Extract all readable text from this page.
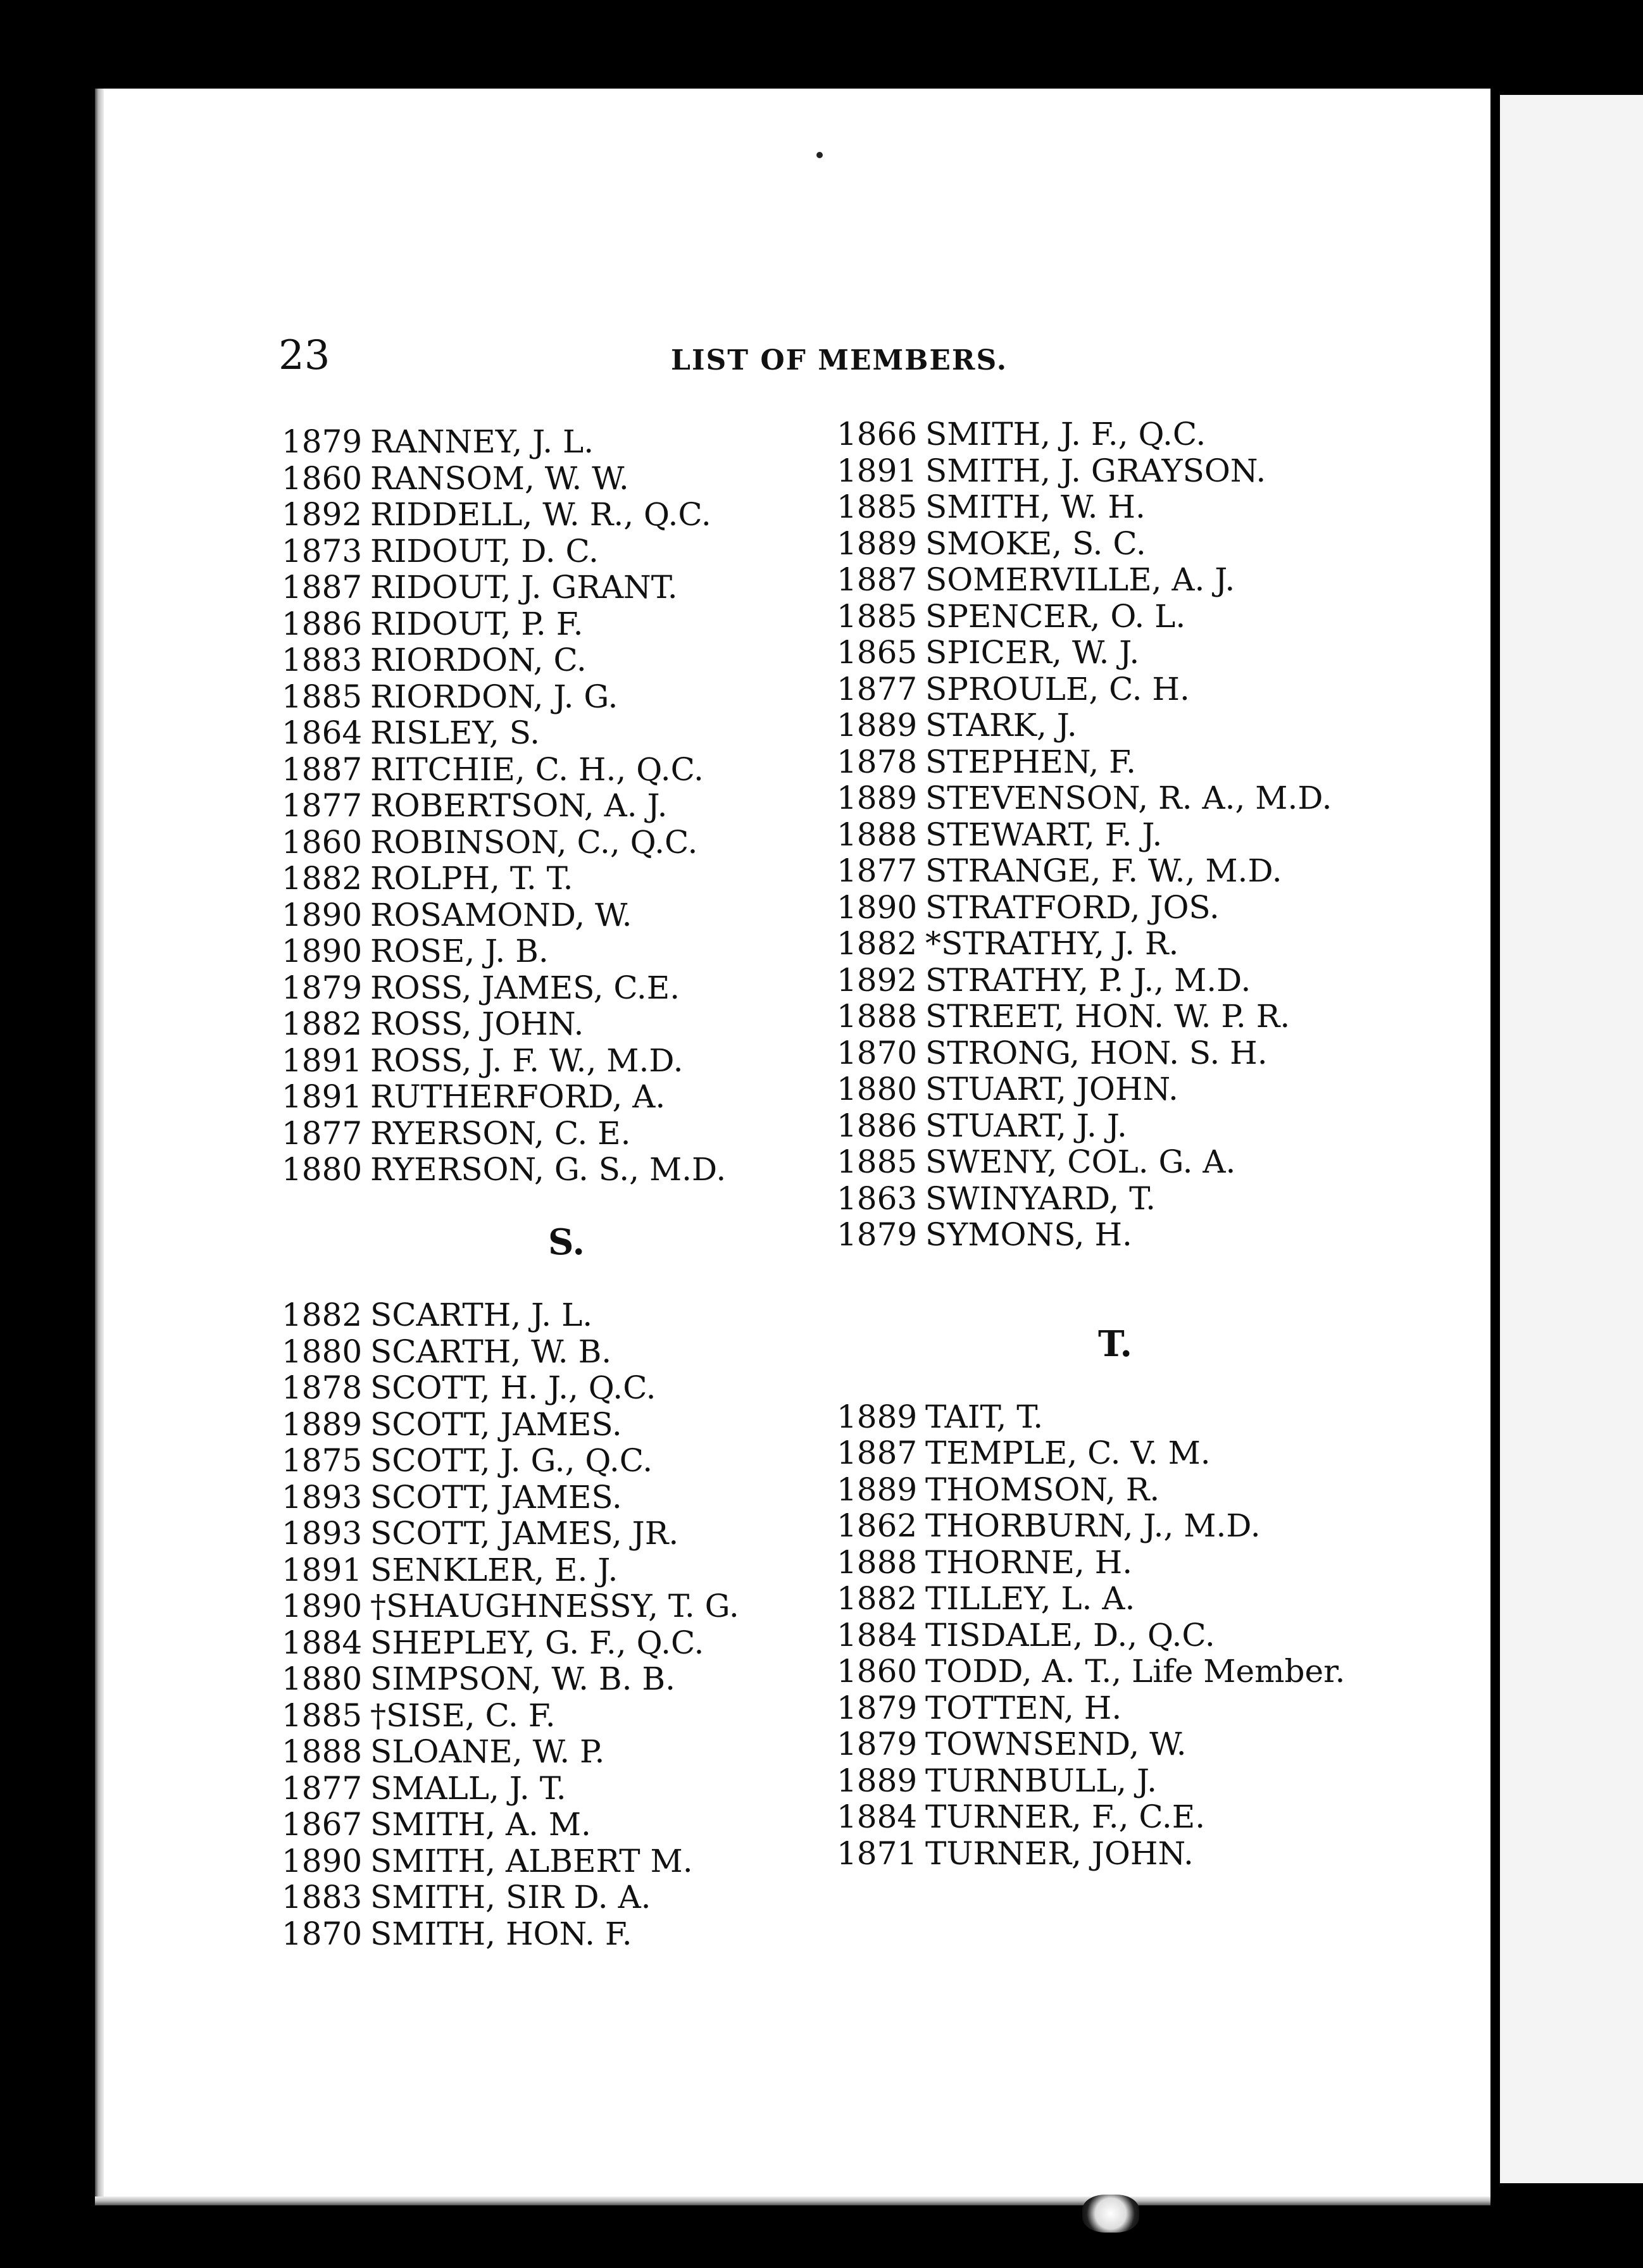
23	LIST OF MEMBERS.
1879 RANNEY, J. L.
1860 RANSOM, W. W.
1892 RIDDELL, W. R., Q.C.
1873 RIDOUT, D. C.
1887 RIDOUT, J. GRANT.
1886 RIDOUT, P. F.
1883 RIORDON, C.
1885 RIORDON, J. G.
1864 RISLEY, S.
1887 RITCHIE, C. H., Q.C.
1877 ROBERTSON, A. J.
1860 ROBINSON, C., Q.C.
1882 ROLPH, T. T.
1890 ROSAMOND, W.
1890 ROSE, J. B.
1879 ROSS, JAMES, C.E.
1882 ROSS, JOHN.
1891 ROSS, J. F. W., M.D.
1891 RUTHERFORD, A.
1877 RYERSON, C. E.
1880 RYERSON, G. S., M.D.
S.
1882 SCARTH, J. L.
1880 SCARTH, W. B.
1878 SCOTT, H. J., Q.C.
1889 SCOTT, JAMES.
1875 SCOTT, J. G., Q.C.
1893 SCOTT, JAMES.
1893 SCOTT, JAMES, JR.
1891 SENKLER, E. J.
1890 †SHAUGHNESSY, T. G.
1884 SHEPLEY, G. F., Q.C.
1880 SIMPSON, W. B. B.
1885 †SISE, C. F.
1888 SLOANE, W. P.
1877 SMALL, J. T.
1867 SMITH, A. M.
1890 SMITH, ALBERT M.
1883 SMITH, SIR D. A.
1870 SMITH, HON. F.
1866 SMITH, J. F., Q.C.
1891 SMITH, J. GRAYSON.
1885 SMITH, W. H.
1889 SMOKE, S. C.
1887 SOMERVILLE, A. J.
1885 SPENCER, O. L.
1865 SPICER, W. J.
1877 SPROULE, C. H.
1889 STARK, J.
1878 STEPHEN, F.
1889 STEVENSON, R. A., M.D.
1888 STEWART, F. J.
1877 STRANGE, F. W., M.D.
1890 STRATFORD, JOS.
1882 *STRATHY, J. R.
1892 STRATHY, P. J., M.D.
1888 STREET, HON. W. P. R.
1870 STRONG, HON. S. H.
1880 STUART, JOHN.
1886 STUART, J. J.
1885 SWENY, COL. G. A.
1863 SWINYARD, T.
1879 SYMONS, H.
T.
1889 TAIT, T.
1887 TEMPLE, C. V. M.
1889 THOMSON, R.
1862 THORBURN, J., M.D.
1888 THORNE, H.
1882 TILLEY, L. A.
1884 TISDALE, D., Q.C.
1860 TODD, A. T., Life Member.
1879 TOTTEN, H.
1879 TOWNSEND, W.
1889 TURNBULL, J.
1884 TURNER, F., C.E.
1871 TURNER, JOHN.
